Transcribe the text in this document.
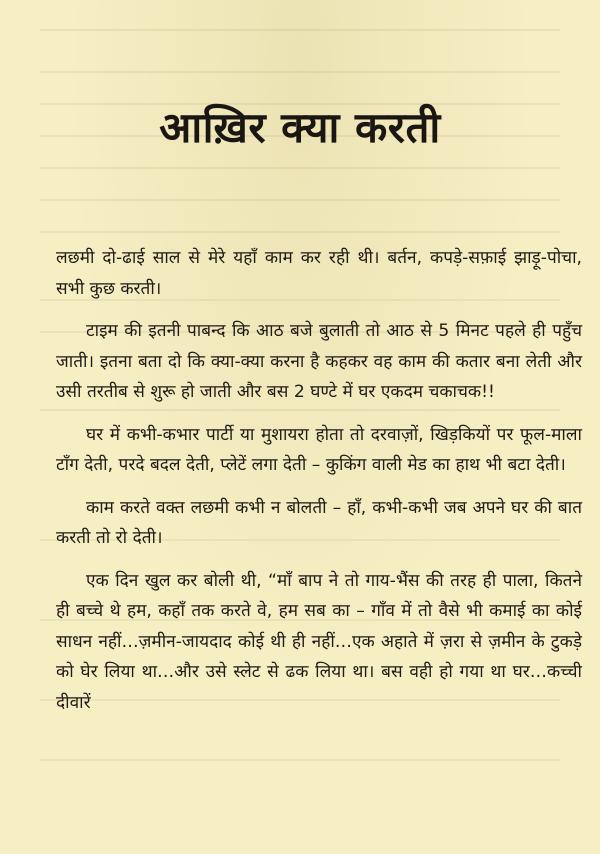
आख़िर क्या करती

लछमी दो-ढाई साल से मेरे यहाँ काम कर रही थी। बर्तन, कपड़े-सफ़ाई झाड़ू-पोचा, सभी कुछ करती।

टाइम की इतनी पाबन्द कि आठ बजे बुलाती तो आठ से 5 मिनट पहले ही पहुँच जाती। इतना बता दो कि क्या-क्या करना है कहकर वह काम की कतार बना लेती और उसी तरतीब से शुरू हो जाती और बस 2 घण्टे में घर एकदम चकाचक!!

घर में कभी-कभार पार्टी या मुशायरा होता तो दरवाज़ों, खिड़कियों पर फूल-माला टाँग देती, परदे बदल देती, प्लेटें लगा देती – कुकिंग वाली मेड का हाथ भी बटा देती।

काम करते वक्त लछमी कभी न बोलती – हाँ, कभी-कभी जब अपने घर की बात करती तो रो देती।

एक दिन खुल कर बोली थी, “माँ बाप ने तो गाय-भैंस की तरह ही पाला, कितने ही बच्चे थे हम, कहाँ तक करते वे, हम सब का – गाँव में तो वैसे भी कमाई का कोई साधन नहीं…ज़मीन-जायदाद कोई थी ही नहीं…एक अहाते में ज़रा से ज़मीन के टुकड़े को घेर लिया था…और उसे स्लेट से ढक लिया था। बस वही हो गया था घर…कच्ची दीवारें
